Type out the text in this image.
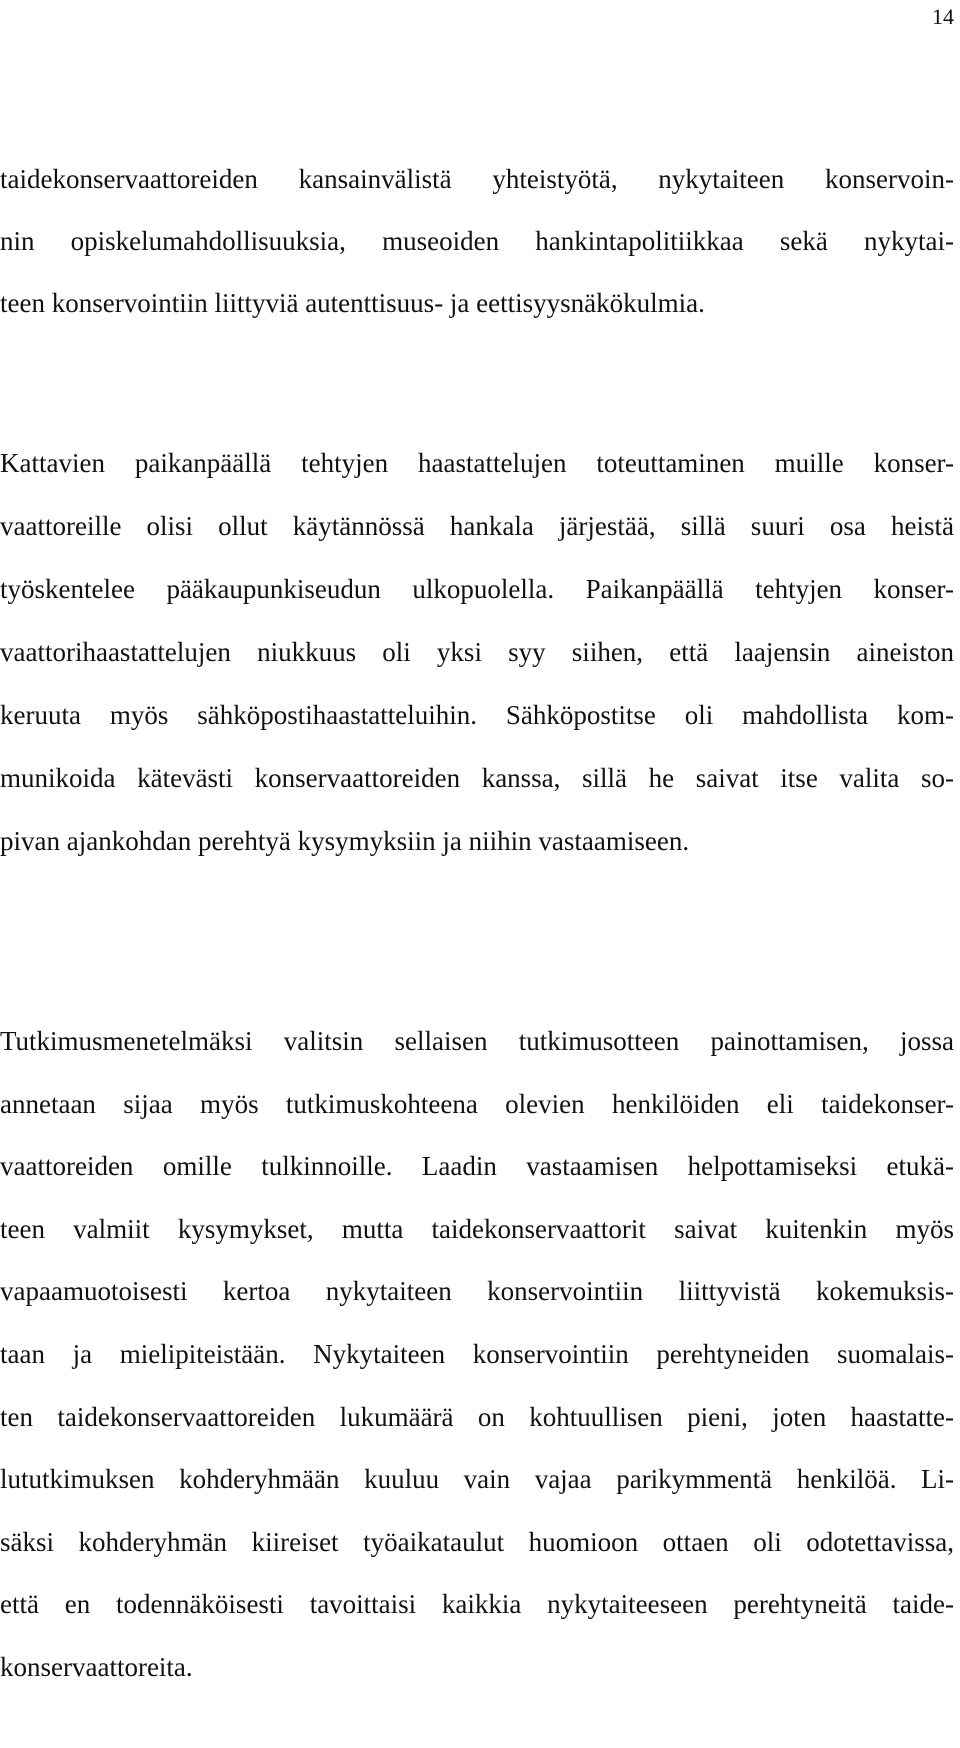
14
taidekonservaattoreiden kansainvälistä yhteistyötä, nykytaiteen konservoin-
nin opiskelumahdollisuuksia, museoiden hankintapolitiikkaa sekä nykytai-
teen konservointiin liittyviä autenttisuus- ja eettisyysnäkökulmia.
Kattavien paikanpäällä tehtyjen haastattelujen toteuttaminen muille konser-
vaattoreille olisi ollut käytännössä hankala järjestää, sillä suuri osa heistä
työskentelee pääkaupunkiseudun ulkopuolella. Paikanpäällä tehtyjen konser-
vaattorihaastattelujen niukkuus oli yksi syy siihen, että laajensin aineiston
keruuta myös sähköpostihaastatteluihin. Sähköpostitse oli mahdollista kom-
munikoida kätevästi konservaattoreiden kanssa, sillä he saivat itse valita so-
pivan ajankohdan perehtyä kysymyksiin ja niihin vastaamiseen.
Tutkimusmenetelmäksi valitsin sellaisen tutkimusotteen painottamisen, jossa
annetaan sijaa myös tutkimuskohteena olevien henkilöiden eli taidekonser-
vaattoreiden omille tulkinnoille. Laadin vastaamisen helpottamiseksi etukä-
teen valmiit kysymykset, mutta taidekonservaattorit saivat kuitenkin myös
vapaamuotoisesti kertoa nykytaiteen konservointiin liittyvistä kokemuksis-
taan ja mielipiteistään. Nykytaiteen konservointiin perehtyneiden suomalais-
ten taidekonservaattoreiden lukumäärä on kohtuullisen pieni, joten haastatte-
lututkimuksen kohderyhmään kuuluu vain vajaa parikymmentä henkilöä. Li-
säksi kohderyhmän kiireiset työaikataulut huomioon ottaen oli odotettavissa,
että en todennäköisesti tavoittaisi kaikkia nykytaiteeseen perehtyneitä taide-
konservaattoreita.
